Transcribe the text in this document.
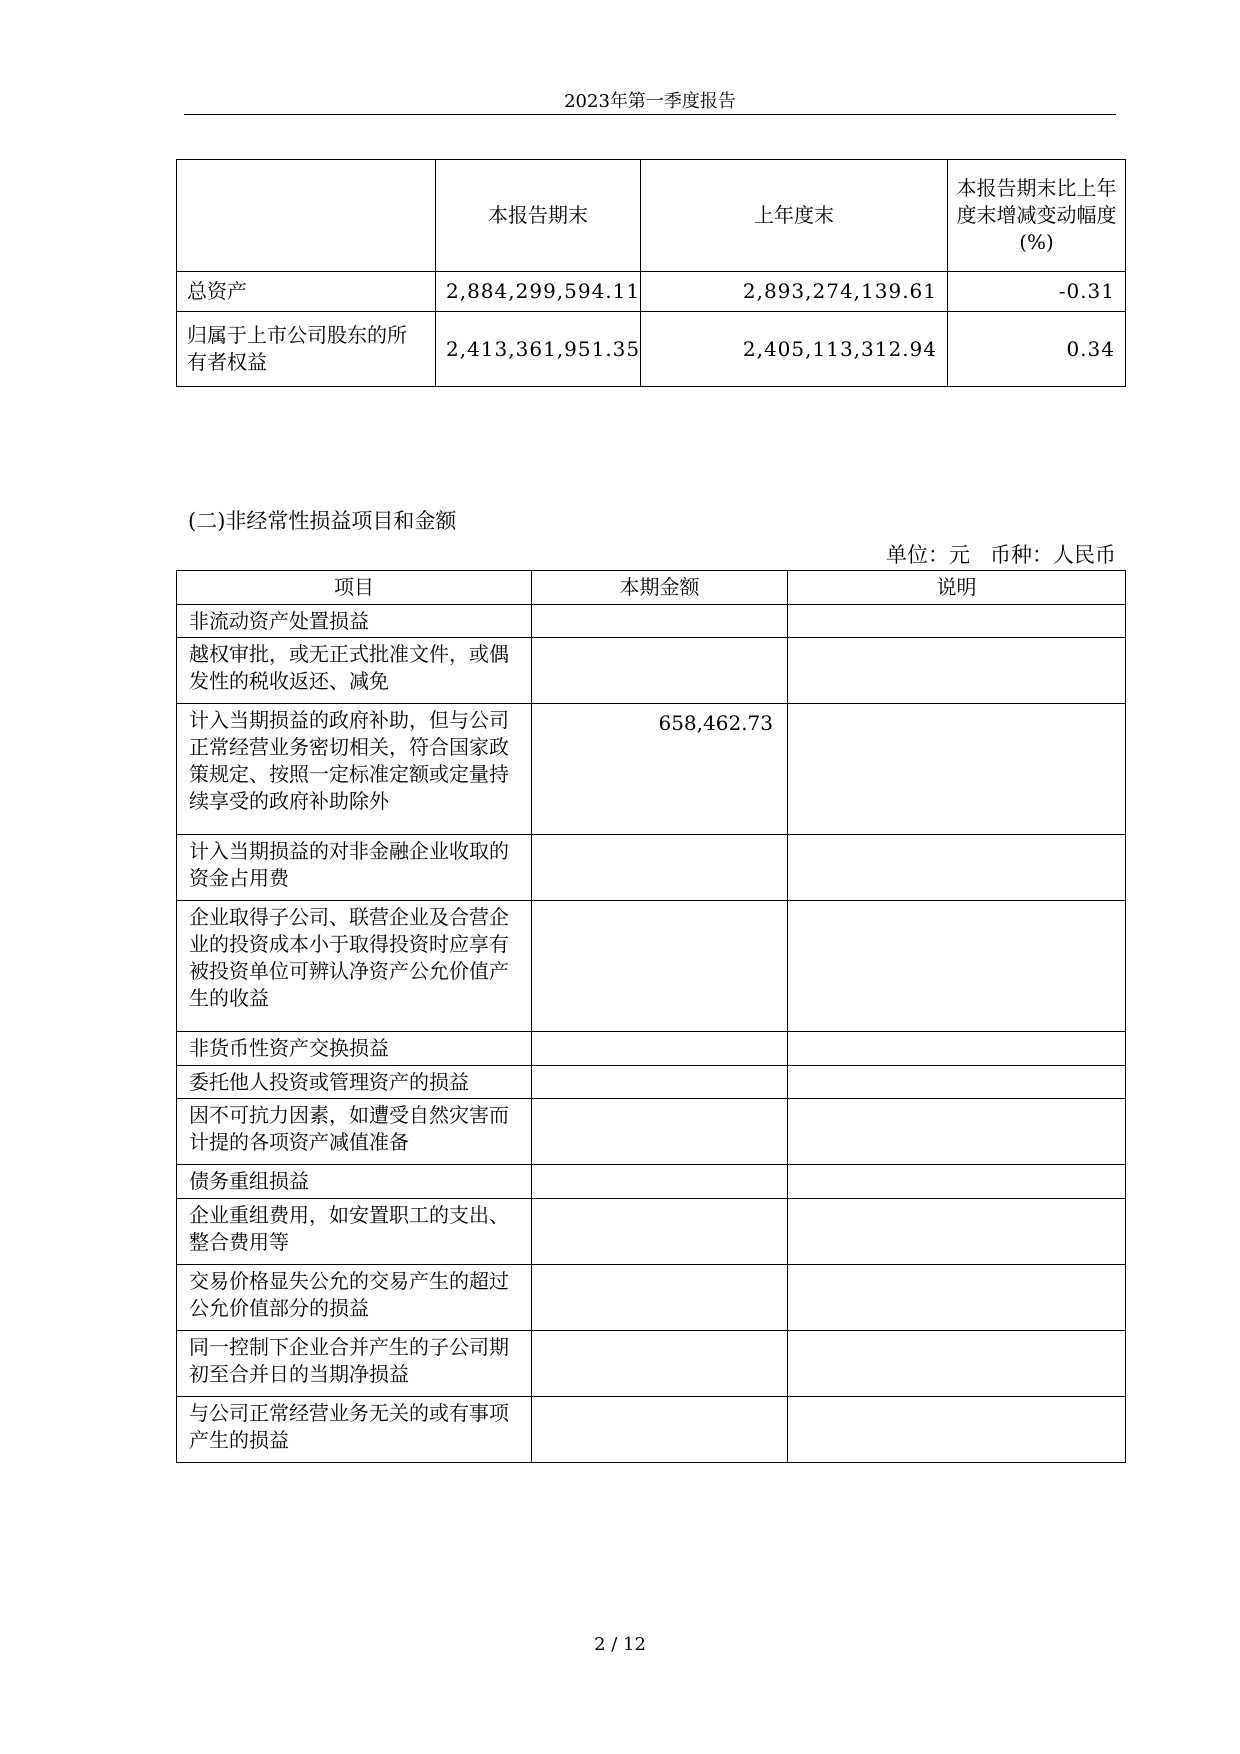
2023年第一季度报告
	本报告期末	上年度末	本报告期末比上年度末增减变动幅度(%)
总资产	2,884,299,594.11	2,893,274,139.61	-0.31
归属于上市公司股东的所有者权益	2,413,361,951.35	2,405,113,312.94	0.34
(二)非经常性损益项目和金额
单位：元   币种：人民币
项目	本期金额	说明
非流动资产处置损益		
越权审批，或无正式批准文件，或偶发性的税收返还、减免		
计入当期损益的政府补助，但与公司正常经营业务密切相关，符合国家政策规定、按照一定标准定额或定量持续享受的政府补助除外	658,462.73	
计入当期损益的对非金融企业收取的资金占用费		
企业取得子公司、联营企业及合营企业的投资成本小于取得投资时应享有被投资单位可辨认净资产公允价值产生的收益		
非货币性资产交换损益		
委托他人投资或管理资产的损益		
因不可抗力因素，如遭受自然灾害而计提的各项资产减值准备		
债务重组损益		
企业重组费用，如安置职工的支出、整合费用等		
交易价格显失公允的交易产生的超过公允价值部分的损益		
同一控制下企业合并产生的子公司期初至合并日的当期净损益		
与公司正常经营业务无关的或有事项产生的损益		
2 / 12
